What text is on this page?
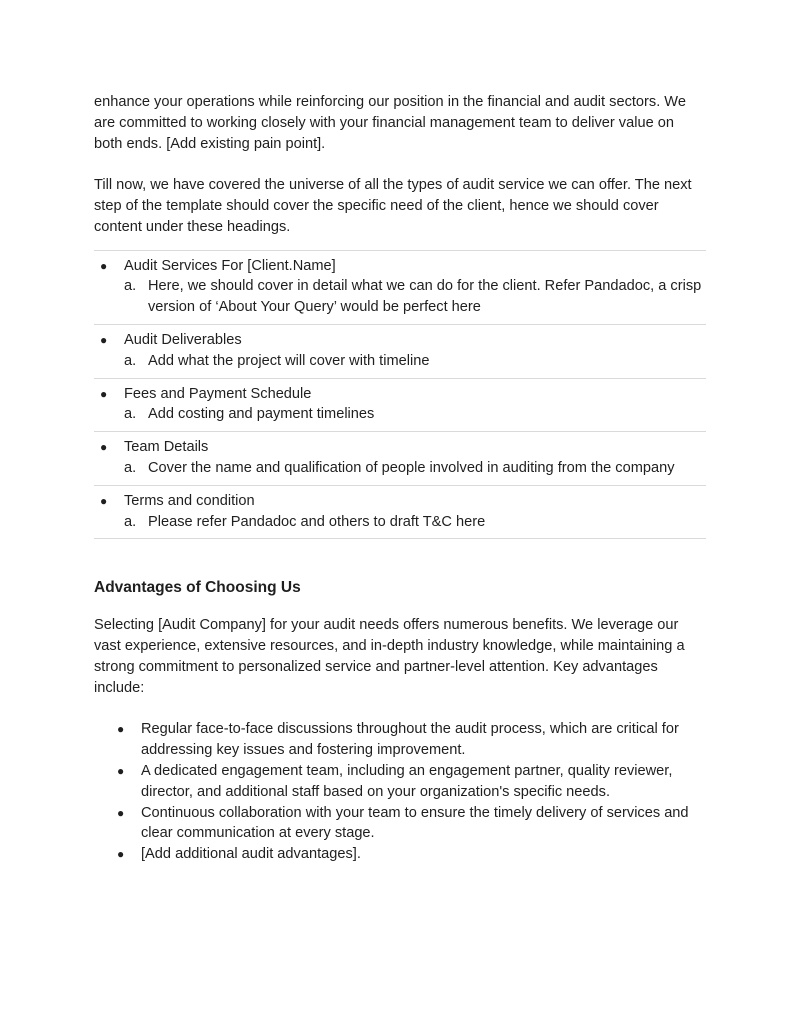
enhance your operations while reinforcing our position in the financial and audit sectors. We are committed to working closely with your financial management team to deliver value on both ends. [Add existing pain point].

Till now, we have covered the universe of all the types of audit service we can offer. The next step of the template should cover the specific need of the client, hence we should cover content under these headings.

● Audit Services For [Client.Name]
a. Here, we should cover in detail what we can do for the client. Refer Pandadoc, a crisp version of ‘About Your Query’ would be perfect here
● Audit Deliverables
a. Add what the project will cover with timeline
● Fees and Payment Schedule
a. Add costing and payment timelines
● Team Details
a. Cover the name and qualification of people involved in auditing from the company
● Terms and condition
a. Please refer Pandadoc and others to draft T&C here
Advantages of Choosing Us

Selecting [Audit Company] for your audit needs offers numerous benefits. We leverage our vast experience, extensive resources, and in-depth industry knowledge, while maintaining a strong commitment to personalized service and partner-level attention. Key advantages include:

● Regular face-to-face discussions throughout the audit process, which are critical for addressing key issues and fostering improvement.
● A dedicated engagement team, including an engagement partner, quality reviewer, director, and additional staff based on your organization's specific needs.
● Continuous collaboration with your team to ensure the timely delivery of services and clear communication at every stage.
● [Add additional audit advantages].
